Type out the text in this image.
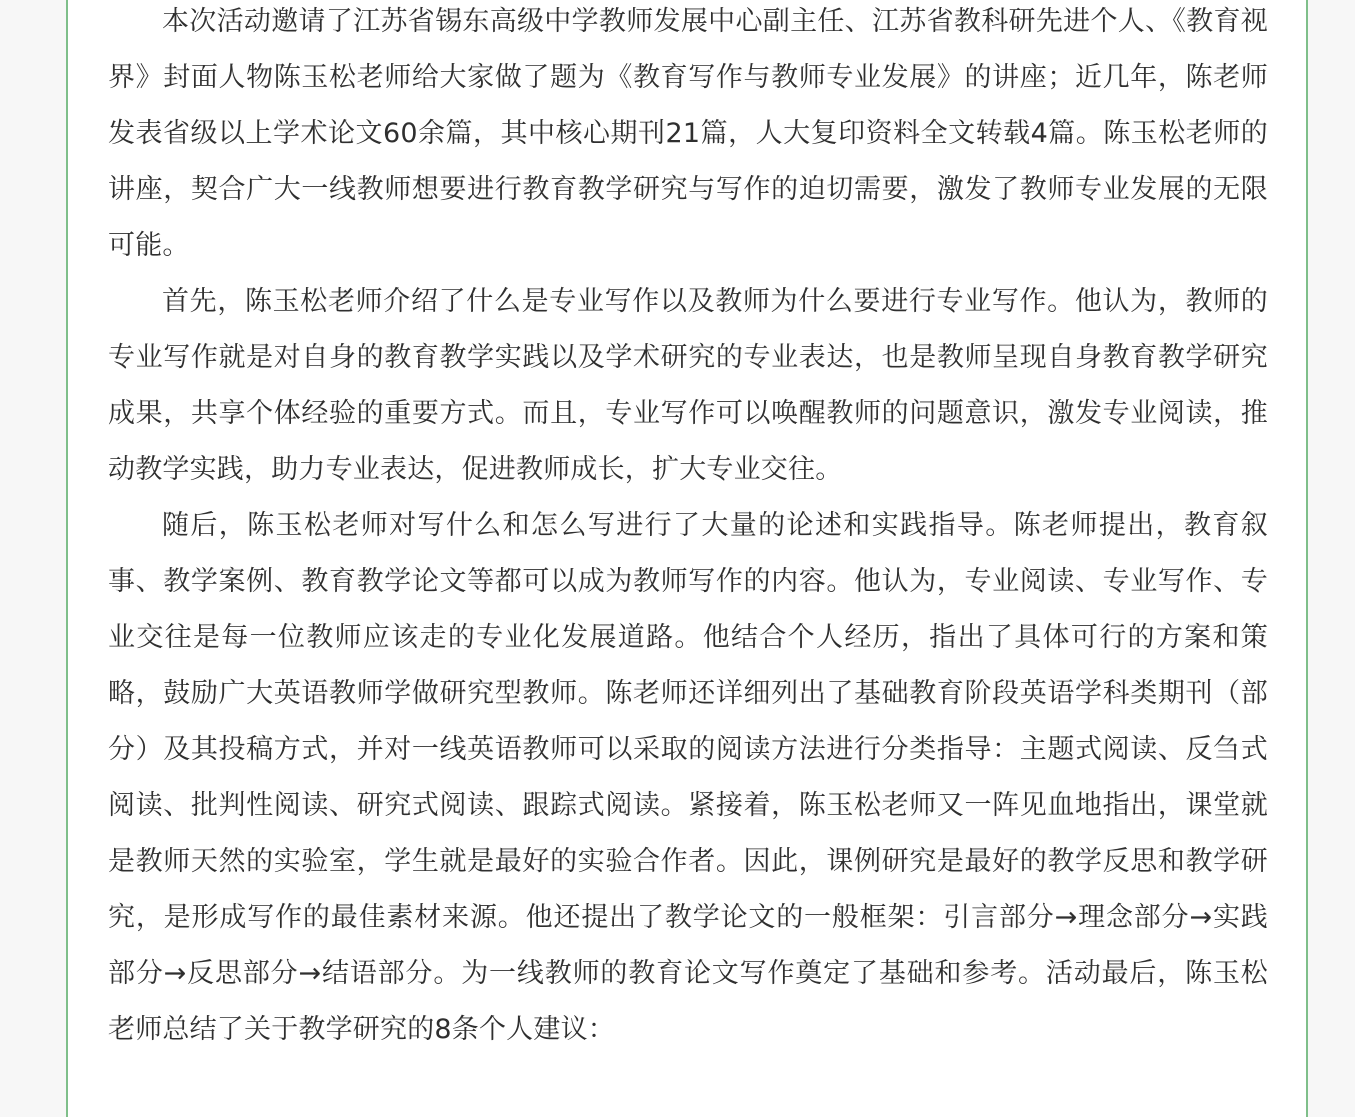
本次活动邀请了江苏省锡东高级中学教师发展中心副主任、江苏省教科研先进个人、《教育视界》封面人物陈玉松老师给大家做了题为《教育写作与教师专业发展》的讲座；近几年，陈老师发表省级以上学术论文60余篇，其中核心期刊21篇，人大复印资料全文转载4篇。陈玉松老师的讲座，契合广大一线教师想要进行教育教学研究与写作的迫切需要，激发了教师专业发展的无限可能。

首先，陈玉松老师介绍了什么是专业写作以及教师为什么要进行专业写作。他认为，教师的专业写作就是对自身的教育教学实践以及学术研究的专业表达，也是教师呈现自身教育教学研究成果，共享个体经验的重要方式。而且，专业写作可以唤醒教师的问题意识，激发专业阅读，推动教学实践，助力专业表达，促进教师成长，扩大专业交往。

随后，陈玉松老师对写什么和怎么写进行了大量的论述和实践指导。陈老师提出，教育叙事、教学案例、教育教学论文等都可以成为教师写作的内容。他认为，专业阅读、专业写作、专业交往是每一位教师应该走的专业化发展道路。他结合个人经历，指出了具体可行的方案和策略，鼓励广大英语教师学做研究型教师。陈老师还详细列出了基础教育阶段英语学科类期刊（部分）及其投稿方式，并对一线英语教师可以采取的阅读方法进行分类指导：主题式阅读、反刍式阅读、批判性阅读、研究式阅读、跟踪式阅读。紧接着，陈玉松老师又一阵见血地指出，课堂就是教师天然的实验室，学生就是最好的实验合作者。因此，课例研究是最好的教学反思和教学研究，是形成写作的最佳素材来源。他还提出了教学论文的一般框架：引言部分→理念部分→实践部分→反思部分→结语部分。为一线教师的教育论文写作奠定了基础和参考。活动最后，陈玉松老师总结了关于教学研究的8条个人建议：
